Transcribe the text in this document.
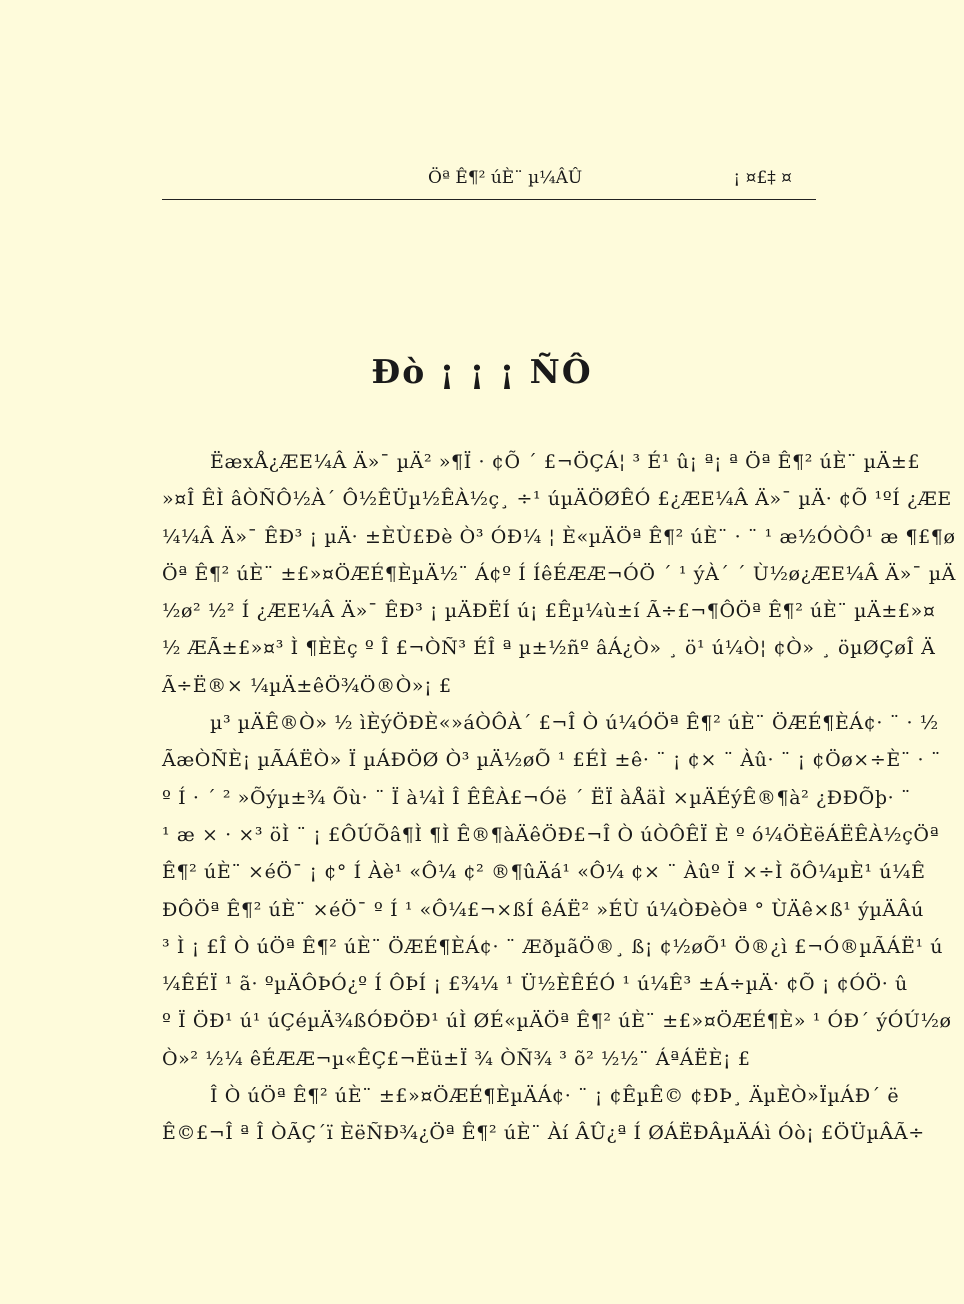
Öª Ê¶² úÈ¨ µ¼ÂÛ	¡ ¤£‡ ¤
Ðò ¡ ¡ ¡ ÑÔ
ËæxÅ¿ÆE¼Â Ä»¯ µÄ² »¶Ï · ¢Õ ´ £¬ÖÇÁ¦ ³ É¹ û¡ ª¡ ª Öª Ê¶² úÈ¨ µÄ±£
»¤Î ÊÌ âÒÑÔ½À´ Ô½ÊÜµ½ÊÀ½ç¸ ÷¹ úµÄÖØÊÓ £¿ÆE¼Â Ä»¯ µÄ· ¢Õ ¹ºÍ ¿ÆE
¼¼Â Ä»¯ ÊÐ³ ¡ µÄ· ±ÈÙ£Ðè Ò³ ÓÐ¼ ¦ È«µÄÖª Ê¶² úÈ¨ · ¨ ¹ æ½ÓÒÔ¹ æ ¶£¶ø
Öª Ê¶² úÈ¨ ±£»¤ÖÆÉ¶ÈµÄ½¨ Á¢º Í ÍêÉÆÆ¬ÓÖ ´ ¹ ýÀ´ ´ Ù½ø¿ÆE¼Â Ä»¯ µÄ
½ø² ½² Í ¿ÆE¼Â Ä»¯ ÊÐ³ ¡ µÄÐËÍ ú¡ £Êµ¼ù±í Ã÷£¬¶ÔÖª Ê¶² úÈ¨ µÄ±£»¤
½ ÆÃ±£»¤³ Ì ¶ÈÈç º Î £¬ÒÑ³ ÉÎ ª µ±½ñº âÁ¿Ò» ¸ ö¹ ú¼Ò¦ ¢Ò» ¸ öµØÇøÎ Ä
Ã÷Ë®× ¼µÄ±êÖ¾Ö®Ò»¡ £
µ³ µÄÊ®Ò» ½ ìÈýÖÐÈ«»áÒÔÀ´ £¬Î Ò ú¼ÓÖª Ê¶² úÈ¨ ÖÆÉ¶ÈÁ¢· ¨ · ½
ÃæÒÑÈ¡ µÃÁËÒ» Ï µÁÐÖØ Ò³ µÄ½øÕ ¹ £ÉÌ ±ê· ¨ ¡ ¢× ¨ Àû· ¨ ¡ ¢Öø×÷È¨ · ¨
º Í · ´ ² »Õýµ±¾ Õù· ¨ Ï à¼Ì Î ÊÊÀ£¬Óë ´ ËÏ àÅäÌ ×µÄÉýÊ®¶à² ¿ÐÐÕþ· ¨
¹ æ × · ×³ öÌ ¨ ¡ £ÔÚÕâ¶Ì ¶Ì Ê®¶àÄêÖÐ£¬Î Ò úÒÔÊÏ È º ó¼ÖÈëÁËÊÀ½çÖª
Ê¶² úÈ¨ ×éÖ¯ ¡ ¢° Í Àè¹ «Ô¼ ¢² ®¶ûÄá¹ «Ô¼ ¢× ¨ Àûº Ï ×÷Ì õÔ¼µÈ¹ ú¼Ê
ÐÔÖª Ê¶² úÈ¨ ×éÖ¯ º Í ¹ «Ô¼£¬×ßÍ êÁË² »ÉÙ ú¼ÒÐèÒª ° ÙÄê×ß¹ ýµÄÂú
³ Ì ¡ £Î Ò úÖª Ê¶² úÈ¨ ÖÆÉ¶ÈÁ¢· ¨ ÆðµãÖ®¸ ß¡ ¢½øÕ¹ Ö®¿ì £¬Ó®µÃÁË¹ ú
¼ÊÉÏ ¹ ã· ºµÄÔÞÓ¿º Í ÔÞÍ ¡ £¾¼ ¹ Ü½ÈÊÉÓ ¹ ú¼Ê³ ±Á÷µÄ· ¢Õ ¡ ¢ÓÖ· û
º Ï ÖÐ¹ ú¹ úÇéµÄ¾ßÓÐÖÐ¹ úÌ ØÉ«µÄÖª Ê¶² úÈ¨ ±£»¤ÖÆÉ¶È» ¹ ÓÐ´ ýÓÚ½ø
Ò»² ½¼ êÉÆÆ¬µ«ÊÇ£¬Ëü±Ï ¾ ÒÑ¾ ³ õ² ½½¨ ÁªÁËÈ¡ £
Î Ò úÖª Ê¶² úÈ¨ ±£»¤ÖÆÉ¶ÈµÄÁ¢· ¨ ¡ ¢ÊµÊ© ¢ÐÞ¸ ÄµÈÒ»ÏµÁÐ´ ë
Ê©£¬Î ª Î ÒÃÇ´ï ÈëÑÐ¾¿Öª Ê¶² úÈ¨ Àí ÂÛ¿ª Í ØÁËÐÂµÄÁì Óò¡ £ÖÜµÂÃ÷
